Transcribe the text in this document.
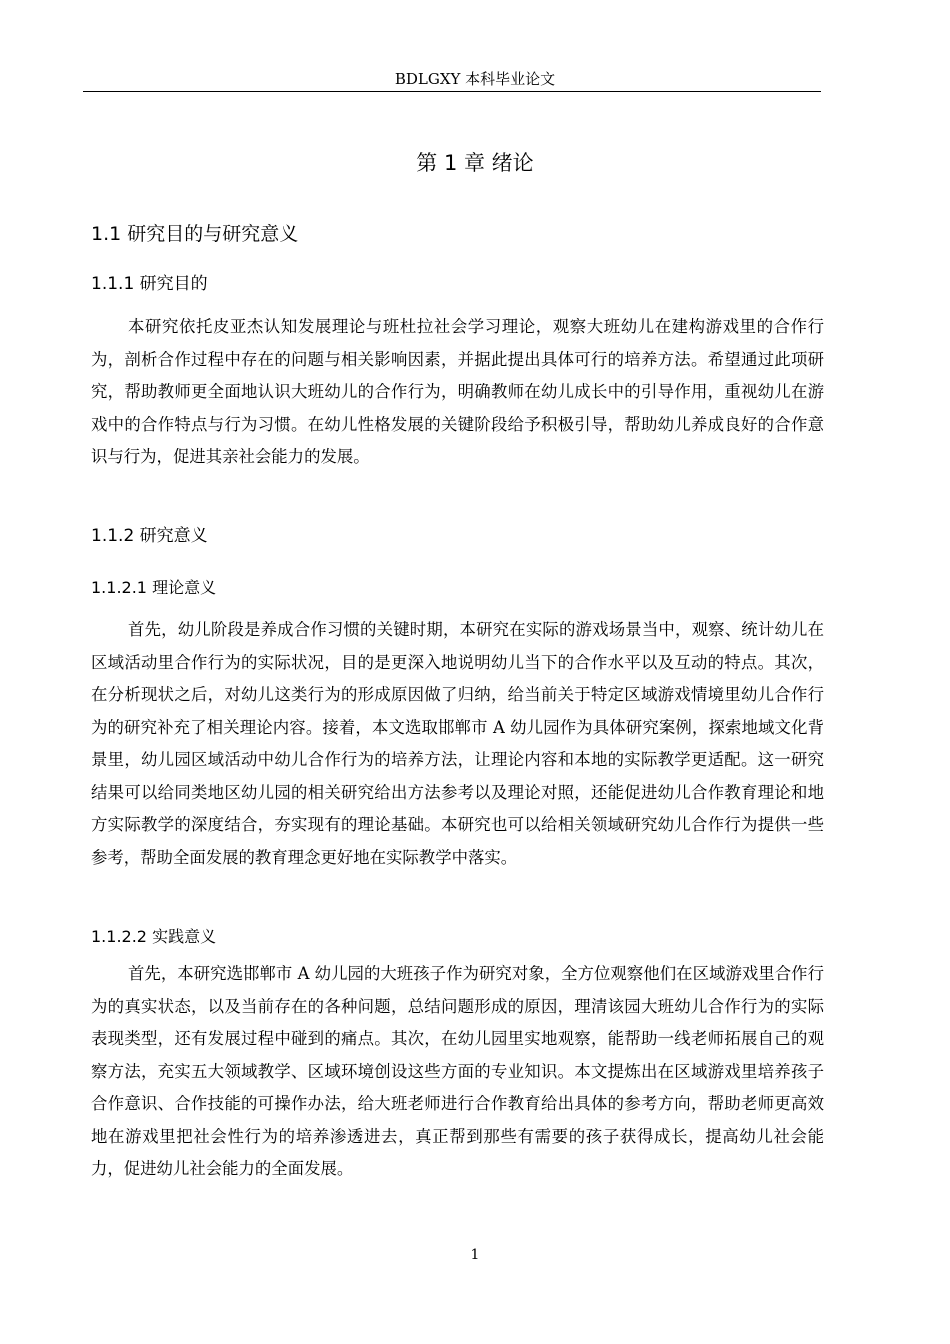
BDLGXY 本科毕业论文
第 1 章 绪论
1.1 研究目的与研究意义
1.1.1 研究目的

本研究依托皮亚杰认知发展理论与班杜拉社会学习理论，观察大班幼儿在建构游戏里的合作行为，剖析合作过程中存在的问题与相关影响因素，并据此提出具体可行的培养方法。希望通过此项研究，帮助教师更全面地认识大班幼儿的合作行为，明确教师在幼儿成长中的引导作用，重视幼儿在游戏中的合作特点与行为习惯。在幼儿性格发展的关键阶段给予积极引导，帮助幼儿养成良好的合作意识与行为，促进其亲社会能力的发展。

1.1.2 研究意义
1.1.2.1 理论意义

首先，幼儿阶段是养成合作习惯的关键时期，本研究在实际的游戏场景当中，观察、统计幼儿在区域活动里合作行为的实际状况，目的是更深入地说明幼儿当下的合作水平以及互动的特点。其次，在分析现状之后，对幼儿这类行为的形成原因做了归纳，给当前关于特定区域游戏情境里幼儿合作行为的研究补充了相关理论内容。接着，本文选取邯郸市 A 幼儿园作为具体研究案例，探索地域文化背景里，幼儿园区域活动中幼儿合作行为的培养方法，让理论内容和本地的实际教学更适配。这一研究结果可以给同类地区幼儿园的相关研究给出方法参考以及理论对照，还能促进幼儿合作教育理论和地方实际教学的深度结合，夯实现有的理论基础。本研究也可以给相关领域研究幼儿合作行为提供一些参考，帮助全面发展的教育理念更好地在实际教学中落实。

1.1.2.2 实践意义

首先，本研究选邯郸市 A 幼儿园的大班孩子作为研究对象，全方位观察他们在区域游戏里合作行为的真实状态，以及当前存在的各种问题，总结问题形成的原因，理清该园大班幼儿合作行为的实际表现类型，还有发展过程中碰到的痛点。其次，在幼儿园里实地观察，能帮助一线老师拓展自己的观察方法，充实五大领域教学、区域环境创设这些方面的专业知识。本文提炼出在区域游戏里培养孩子合作意识、合作技能的可操作办法，给大班老师进行合作教育给出具体的参考方向，帮助老师更高效地在游戏里把社会性行为的培养渗透进去，真正帮到那些有需要的孩子获得成长，提高幼儿社会能力，促进幼儿社会能力的全面发展。

1
